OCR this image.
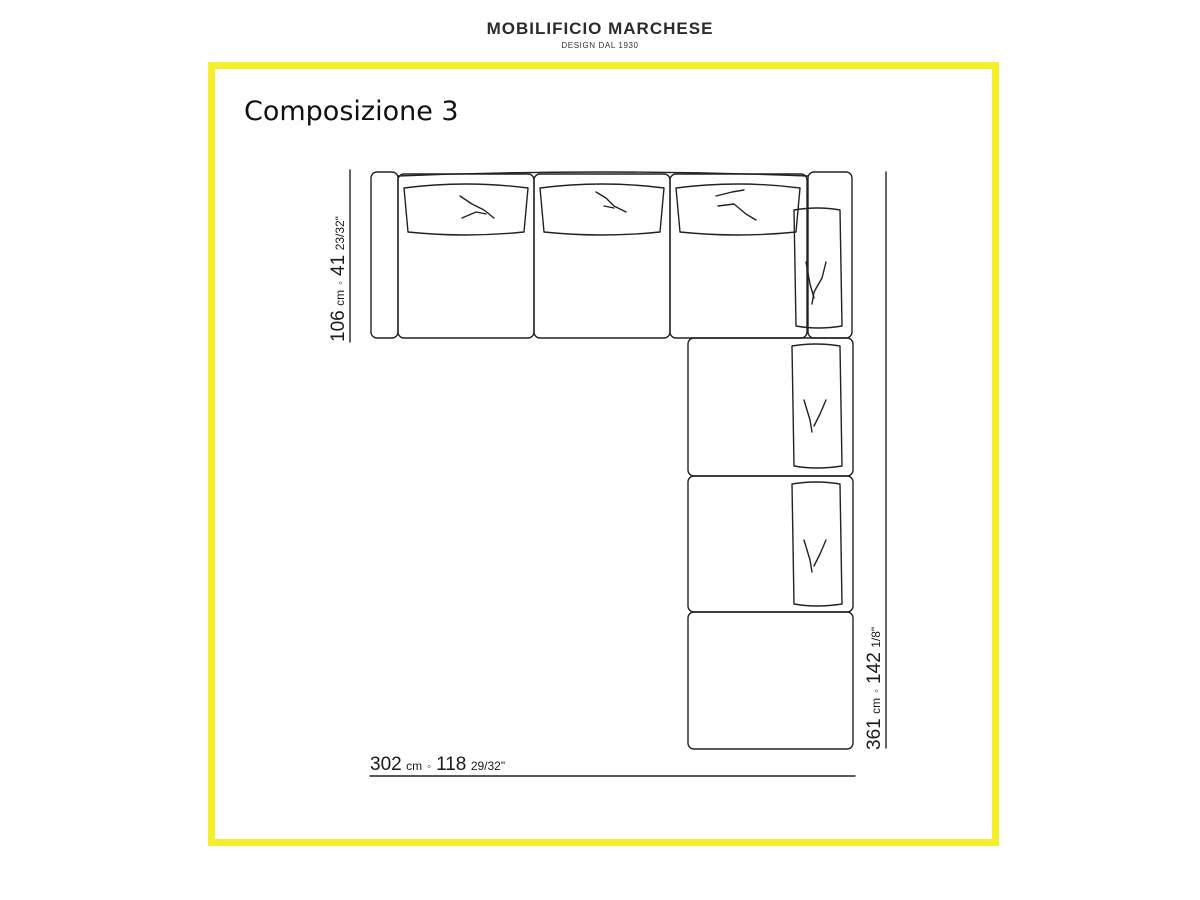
MOBILIFICIO MARCHESE
DESIGN DAL 1930
Composizione 3
106 cm◦41 23/32"
361 cm◦142 1/8"
302 cm ◦ 118 29/32"
